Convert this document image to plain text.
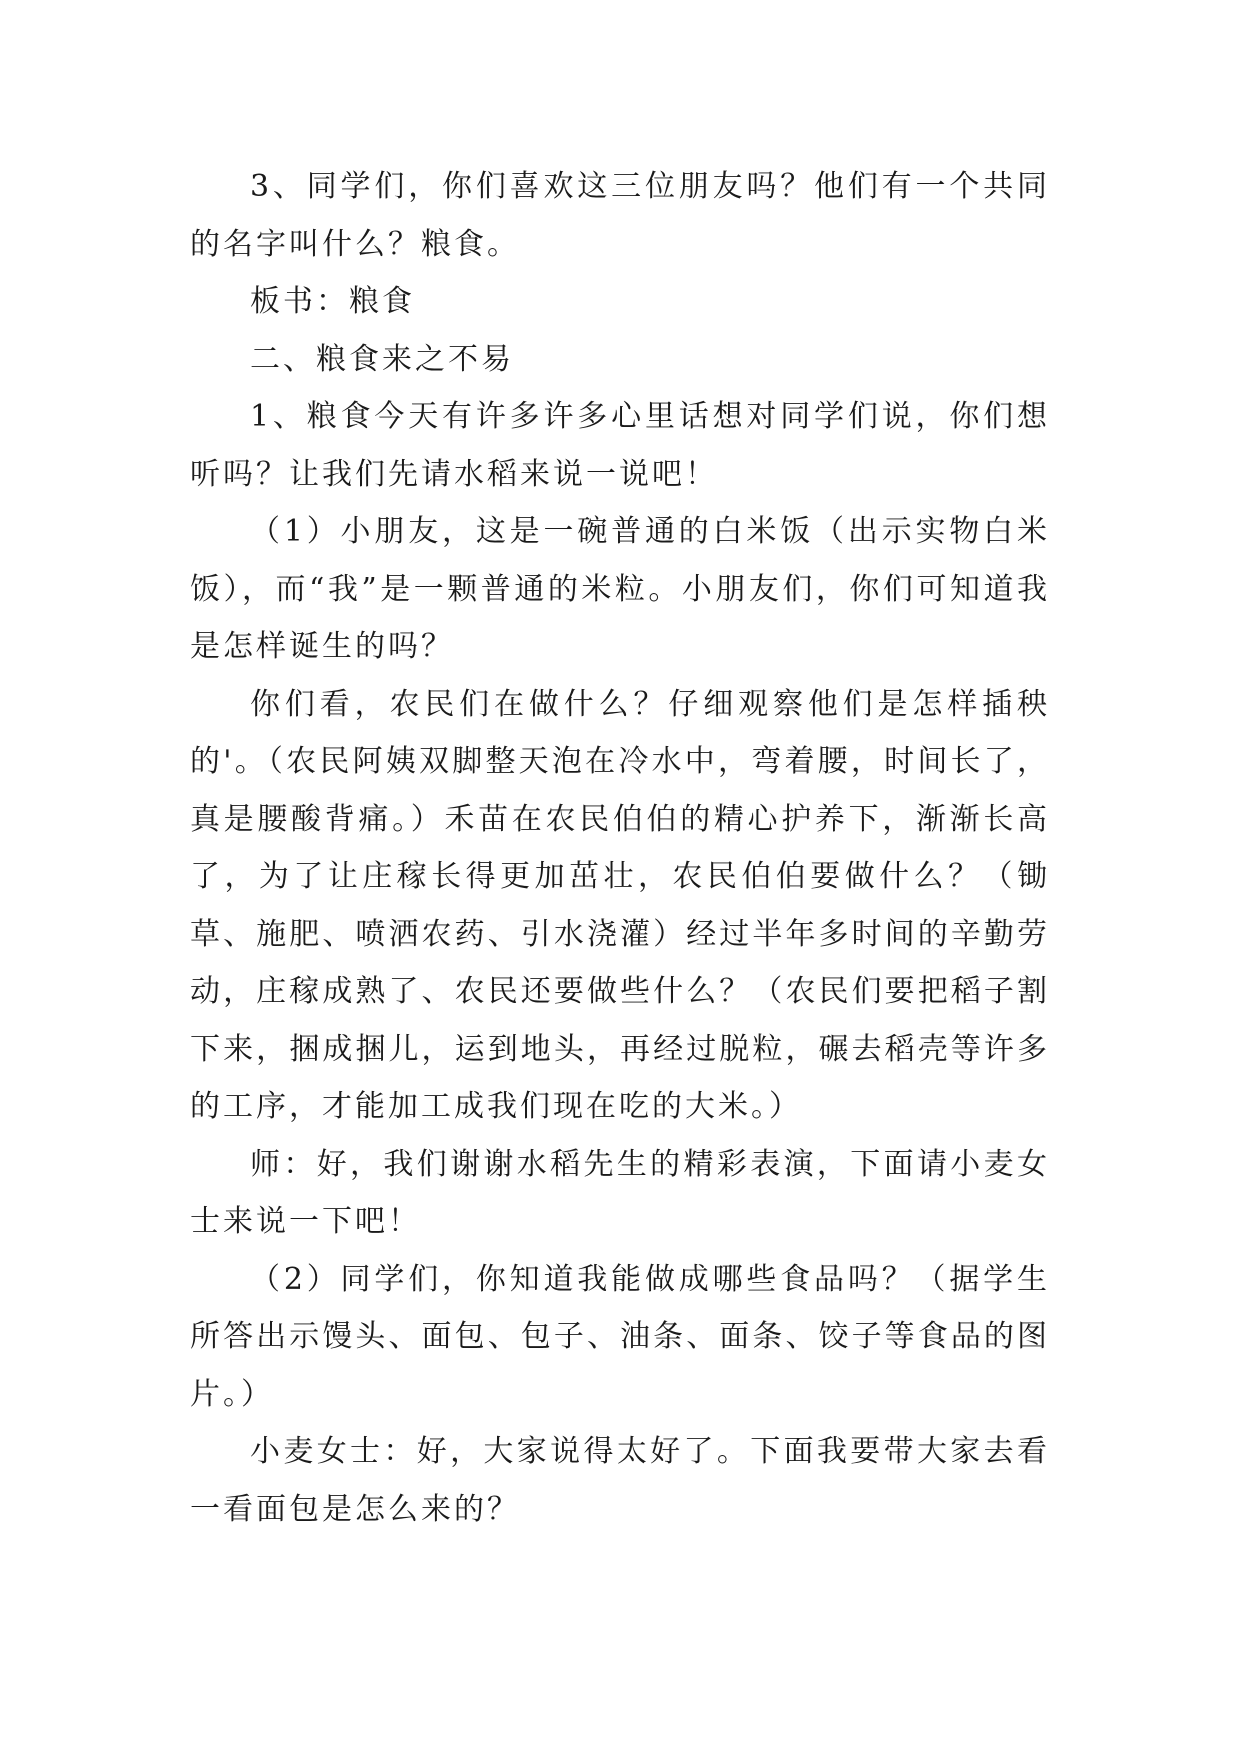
3、同学们，你们喜欢这三位朋友吗？他们有一个共同的名字叫什么？粮食。

板书：粮食

二、粮食来之不易

1、粮食今天有许多许多心里话想对同学们说，你们想听吗？让我们先请水稻来说一说吧！

（1）小朋友，这是一碗普通的白米饭（出示实物白米饭），而“我”是一颗普通的米粒。小朋友们，你们可知道我是怎样诞生的吗？

你们看，农民们在做什么？仔细观察他们是怎样插秧的'。（农民阿姨双脚整天泡在冷水中，弯着腰，时间长了，真是腰酸背痛。）禾苗在农民伯伯的精心护养下，渐渐长高了，为了让庄稼长得更加茁壮，农民伯伯要做什么？（锄草、施肥、喷洒农药、引水浇灌）经过半年多时间的辛勤劳动，庄稼成熟了、农民还要做些什么？（农民们要把稻子割下来，捆成捆儿，运到地头，再经过脱粒，碾去稻壳等许多的工序，才能加工成我们现在吃的大米。）

师：好，我们谢谢水稻先生的精彩表演，下面请小麦女士来说一下吧！

（2）同学们，你知道我能做成哪些食品吗？（据学生所答出示馒头、面包、包子、油条、面条、饺子等食品的图片。）

小麦女士：好，大家说得太好了。下面我要带大家去看一看面包是怎么来的？
